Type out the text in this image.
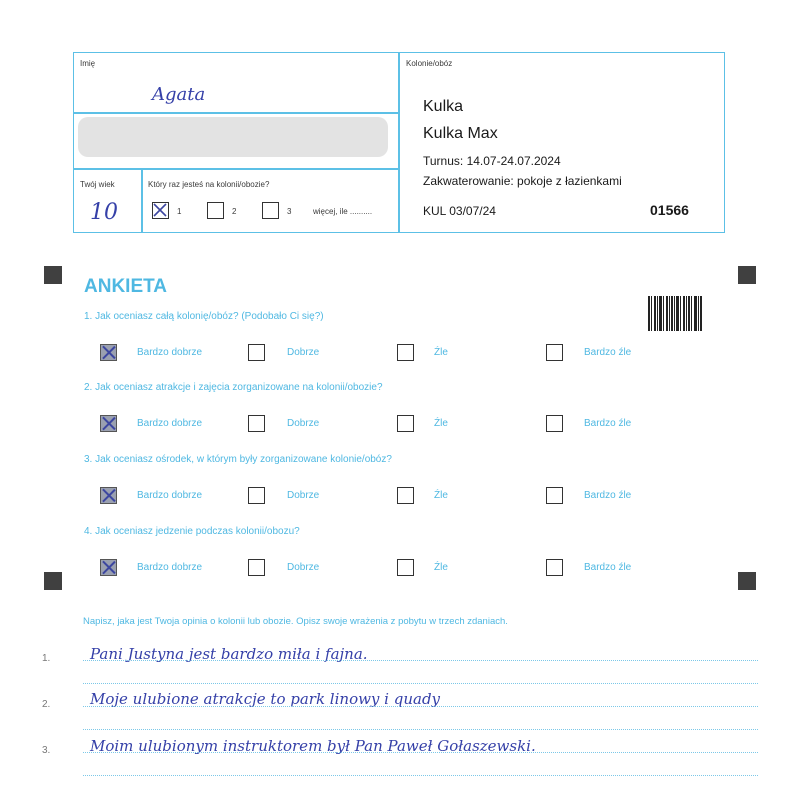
Imię
Agata
Twój wiek
10
Który raz jesteś na kolonii/obozie?
1	2	3	więcej, ile ..........
Kolonie/obóz
Kulka
Kulka Max
Turnus: 14.07-24.07.2024
Zakwaterowanie: pokoje z łazienkami
KUL 03/07/24	01566
ANKIETA
1. Jak oceniasz całą kolonię/obóz? (Podobało Ci się?)
Bardzo dobrze	Dobrze	Źle	Bardzo źle
2. Jak oceniasz atrakcje i zajęcia zorganizowane na kolonii/obozie?
Bardzo dobrze	Dobrze	Źle	Bardzo źle
3. Jak oceniasz ośrodek, w którym były zorganizowane kolonie/obóz?
Bardzo dobrze	Dobrze	Źle	Bardzo źle
4. Jak oceniasz jedzenie podczas kolonii/obozu?
Bardzo dobrze	Dobrze	Źle	Bardzo źle
Napisz, jaka jest Twoja opinia o kolonii lub obozie. Opisz swoje wrażenia z pobytu w trzech zdaniach.
1.	Pani Justyna jest bardzo miła i fajna.
2.	Moje ulubione atrakcje to park linowy i quady
3.	Moim ulubionym instruktorem był Pan Paweł Gołaszewski.
